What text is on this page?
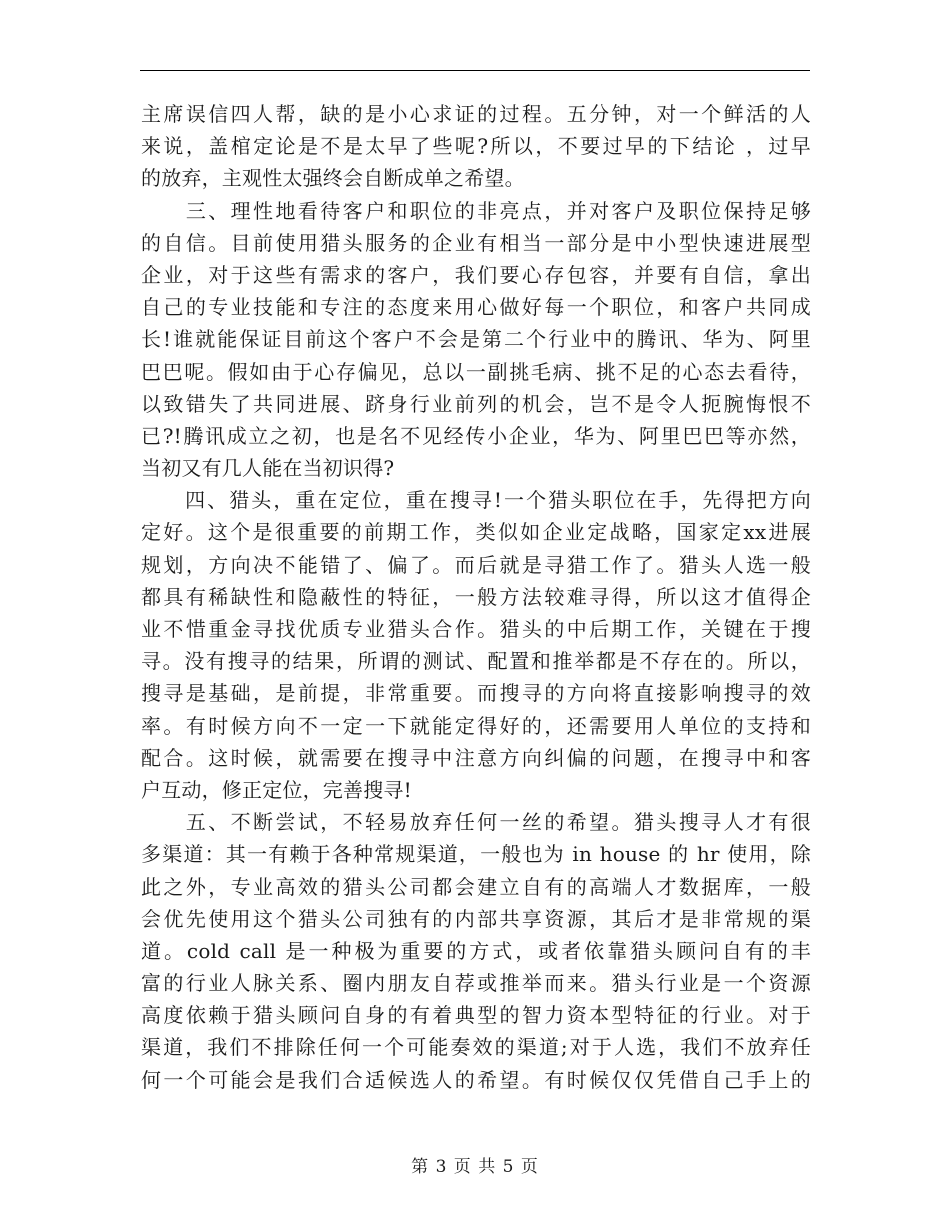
主席误信四人帮，缺的是小心求证的过程。五分钟，对一个鲜活的人
来说，盖棺定论是不是太早了些呢?所以，不要过早的下结论 ，过早
的放弃，主观性太强终会自断成单之希望。
　　三、理性地看待客户和职位的非亮点，并对客户及职位保持足够
的自信。目前使用猎头服务的企业有相当一部分是中小型快速进展型
企业，对于这些有需求的客户，我们要心存包容，并要有自信，拿出
自己的专业技能和专注的态度来用心做好每一个职位，和客户共同成
长!谁就能保证目前这个客户不会是第二个行业中的腾讯、华为、阿里
巴巴呢。假如由于心存偏见，总以一副挑毛病、挑不足的心态去看待，
以致错失了共同进展、跻身行业前列的机会，岂不是令人扼腕悔恨不
已?!腾讯成立之初，也是名不见经传小企业，华为、阿里巴巴等亦然，
当初又有几人能在当初识得?
　　四、猎头，重在定位，重在搜寻!一个猎头职位在手，先得把方向
定好。这个是很重要的前期工作，类似如企业定战略，国家定xx进展
规划，方向决不能错了、偏了。而后就是寻猎工作了。猎头人选一般
都具有稀缺性和隐蔽性的特征，一般方法较难寻得，所以这才值得企
业不惜重金寻找优质专业猎头合作。猎头的中后期工作，关键在于搜
寻。没有搜寻的结果，所谓的测试、配置和推举都是不存在的。所以，
搜寻是基础，是前提，非常重要。而搜寻的方向将直接影响搜寻的效
率。有时候方向不一定一下就能定得好的，还需要用人单位的支持和
配合。这时候，就需要在搜寻中注意方向纠偏的问题，在搜寻中和客
户互动，修正定位，完善搜寻!
　　五、不断尝试，不轻易放弃任何一丝的希望。猎头搜寻人才有很
多渠道：其一有赖于各种常规渠道，一般也为 in house 的 hr 使用，除
此之外，专业高效的猎头公司都会建立自有的高端人才数据库，一般
会优先使用这个猎头公司独有的内部共享资源，其后才是非常规的渠
道。cold call 是一种极为重要的方式，或者依靠猎头顾问自有的丰
富的行业人脉关系、圈内朋友自荐或推举而来。猎头行业是一个资源
高度依赖于猎头顾问自身的有着典型的智力资本型特征的行业。对于
渠道，我们不排除任何一个可能奏效的渠道;对于人选，我们不放弃任
何一个可能会是我们合适候选人的希望。有时候仅仅凭借自己手上的
第 3 页 共 5 页
